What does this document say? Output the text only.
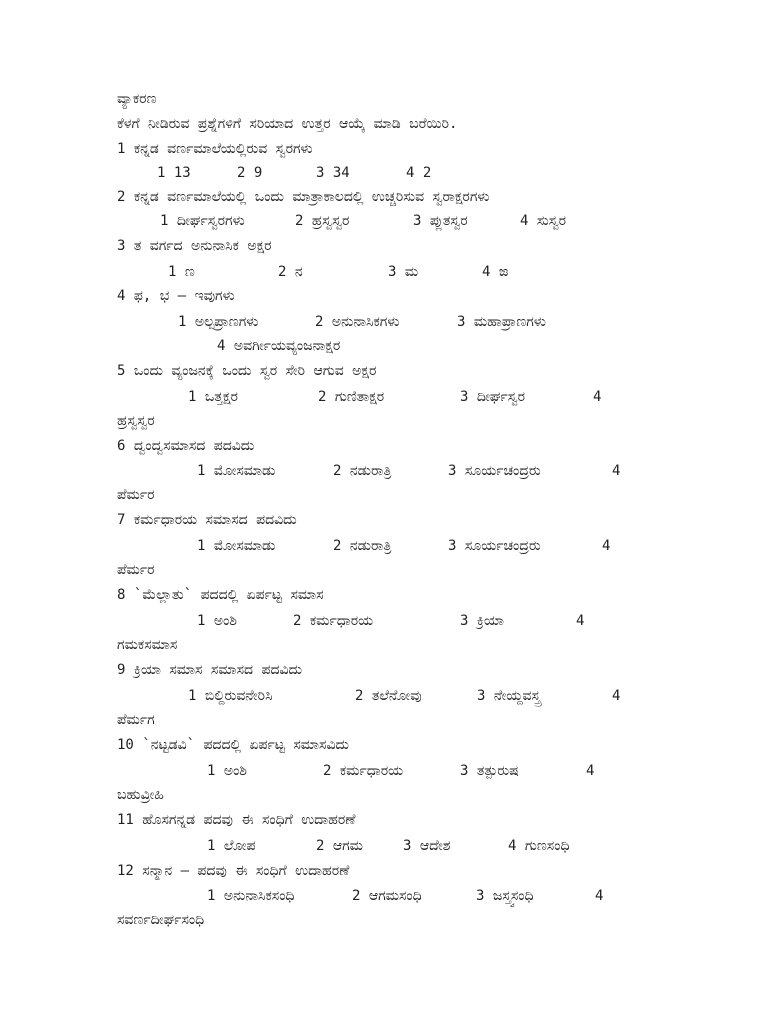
ವ್ಯಾಕರಣ
ಕೆಳಗೆ ನೀಡಿರುವ ಪ್ರಶ್ನೆಗಳಿಗೆ ಸರಿಯಾದ ಉತ್ತರ ಆಯ್ಕೆ ಮಾಡಿ ಬರೆಯಿರಿ.
1 ಕನ್ನಡ ವರ್ಣಮಾಲೆಯಲ್ಲಿರುವ ಸ್ವರಗಳು
1 13	2 9	3 34	4 2
2 ಕನ್ನಡ ವರ್ಣಮಾಲೆಯಲ್ಲಿ ಒಂದು ಮಾತ್ರಾಕಾಲದಲ್ಲಿ ಉಚ್ಚರಿಸುವ ಸ್ವರಾಕ್ಷರಗಳು
1 ದೀರ್ಘಸ್ವರಗಳು	2 ಹ್ರಸ್ವಸ್ವರ	3 ಪ್ಲುತಸ್ವರ	4 ಸುಸ್ವರ
3 ತ ವರ್ಗದ ಅನುನಾಸಿಕ ಅಕ್ಷರ
1 ಣ	2 ನ	3 ಮ	4 ಙ
4 ಫ, ಭ – ಇವುಗಳು
1 ಅಲ್ಪಪ್ರಾಣಗಳು	2 ಅನುನಾಸಿಕಗಳು	3 ಮಹಾಪ್ರಾಣಗಳು
4 ಅವರ್ಗೀಯವ್ಯಂಜನಾಕ್ಷರ
5 ಒಂದು ವ್ಯಂಜನಕ್ಕೆ ಒಂದು ಸ್ವರ ಸೇರಿ ಆಗುವ ಅಕ್ಷರ
1 ಒತ್ತಕ್ಷರ	2 ಗುಣಿತಾಕ್ಷರ	3 ದೀರ್ಘಸ್ವರ	4
ಹ್ರಸ್ವಸ್ವರ
6 ದ್ವಂದ್ವಸಮಾಸದ ಪದವಿದು
1 ಮೋಸಮಾಡು	2 ನಡುರಾತ್ರಿ	3 ಸೂರ್ಯಚಂದ್ರರು	4
ಪೆರ್ಮರ
7 ಕರ್ಮಧಾರಯ ಸಮಾಸದ ಪದವಿದು
1 ಮೋಸಮಾಡು	2 ನಡುರಾತ್ರಿ	3 ಸೂರ್ಯಚಂದ್ರರು	4
ಪೆರ್ಮರ
8 `ಮೆಲ್ಲಾತು` ಪದದಲ್ಲಿ ಏರ್ಪಟ್ಟ ಸಮಾಸ
1 ಅಂಶಿ	2 ಕರ್ಮಧಾರಯ	3 ಕ್ರಿಯಾ	4
ಗಮಕಸಮಾಸ
9 ಕ್ರಿಯಾ ಸಮಾಸ ಸಮಾಸದ ಪದವಿದು
1 ಬಿಲ್ದಿರುವನೇರಿಸಿ	2 ತಲೆನೋವು	3 ನೇಯ್ದವಸ್ತ್ರ	4
ಪೆರ್ಮಗ
10 `ನಟ್ಟಡವಿ` ಪದದಲ್ಲಿ ಏರ್ಪಟ್ಟ ಸಮಾಸವಿದು
1 ಅಂಶಿ	2 ಕರ್ಮಧಾರಯ	3 ತತ್ಪುರುಷ	4
ಬಹುವ್ರೀಹಿ
11 ಹೊಸಗನ್ನಡ ಪದವು ಈ ಸಂಧಿಗೆ ಉದಾಹರಣೆ
1 ಲೋಪ	2 ಆಗಮ	3 ಆದೇಶ	4 ಗುಣಸಂಧಿ
12 ಸನ್ಮಾನ – ಪದವು ಈ ಸಂಧಿಗೆ ಉದಾಹರಣೆ
1 ಅನುನಾಸಿಕಸಂಧಿ	2 ಆಗಮಸಂಧಿ	3 ಜಸ್ತ್ವಸಂಧಿ	4
ಸವರ್ಣದೀರ್ಘಸಂಧಿ
